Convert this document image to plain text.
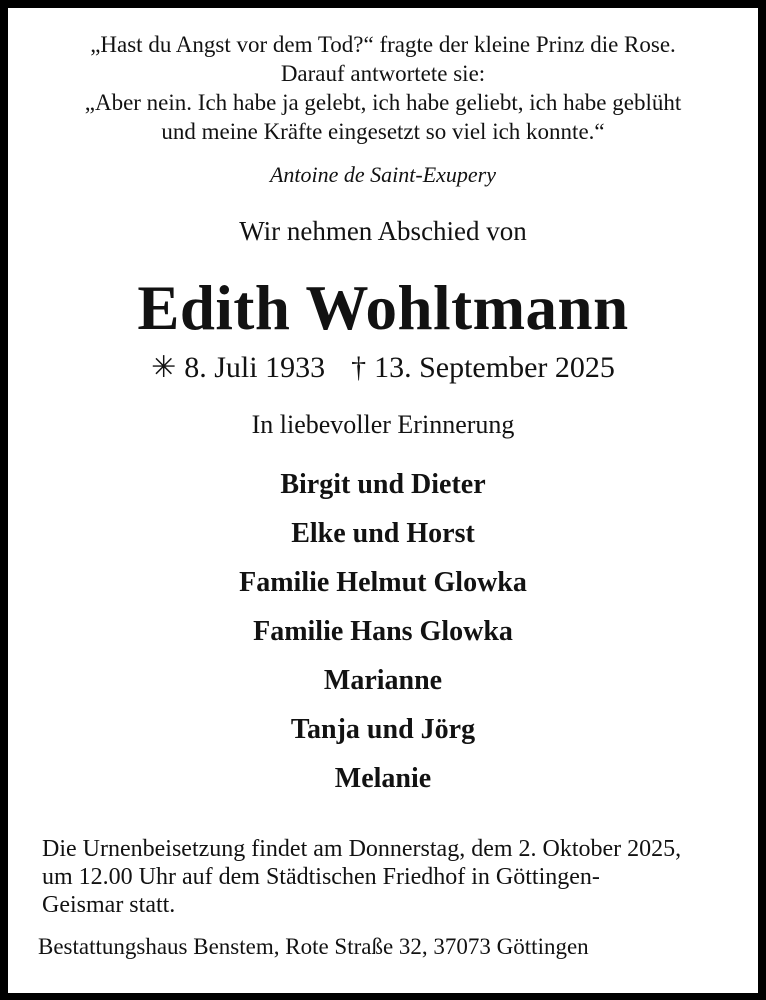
„Hast du Angst vor dem Tod?“ fragte der kleine Prinz die Rose.
Darauf antwortete sie:
„Aber nein. Ich habe ja gelebt, ich habe geliebt, ich habe geblüht
und meine Kräfte eingesetzt so viel ich konnte.“
Antoine de Saint-Exupery
Wir nehmen Abschied von
Edith Wohltmann
✳ 8. Juli 1933 † 13. September 2025
In liebevoller Erinnerung
Birgit und Dieter
Elke und Horst
Familie Helmut Glowka
Familie Hans Glowka
Marianne
Tanja und Jörg
Melanie
Die Urnenbeisetzung findet am Donnerstag, dem 2. Oktober 2025,
um 12.00 Uhr auf dem Städtischen Friedhof in Göttingen-
Geismar statt.
Bestattungshaus Benstem, Rote Straße 32, 37073 Göttingen
